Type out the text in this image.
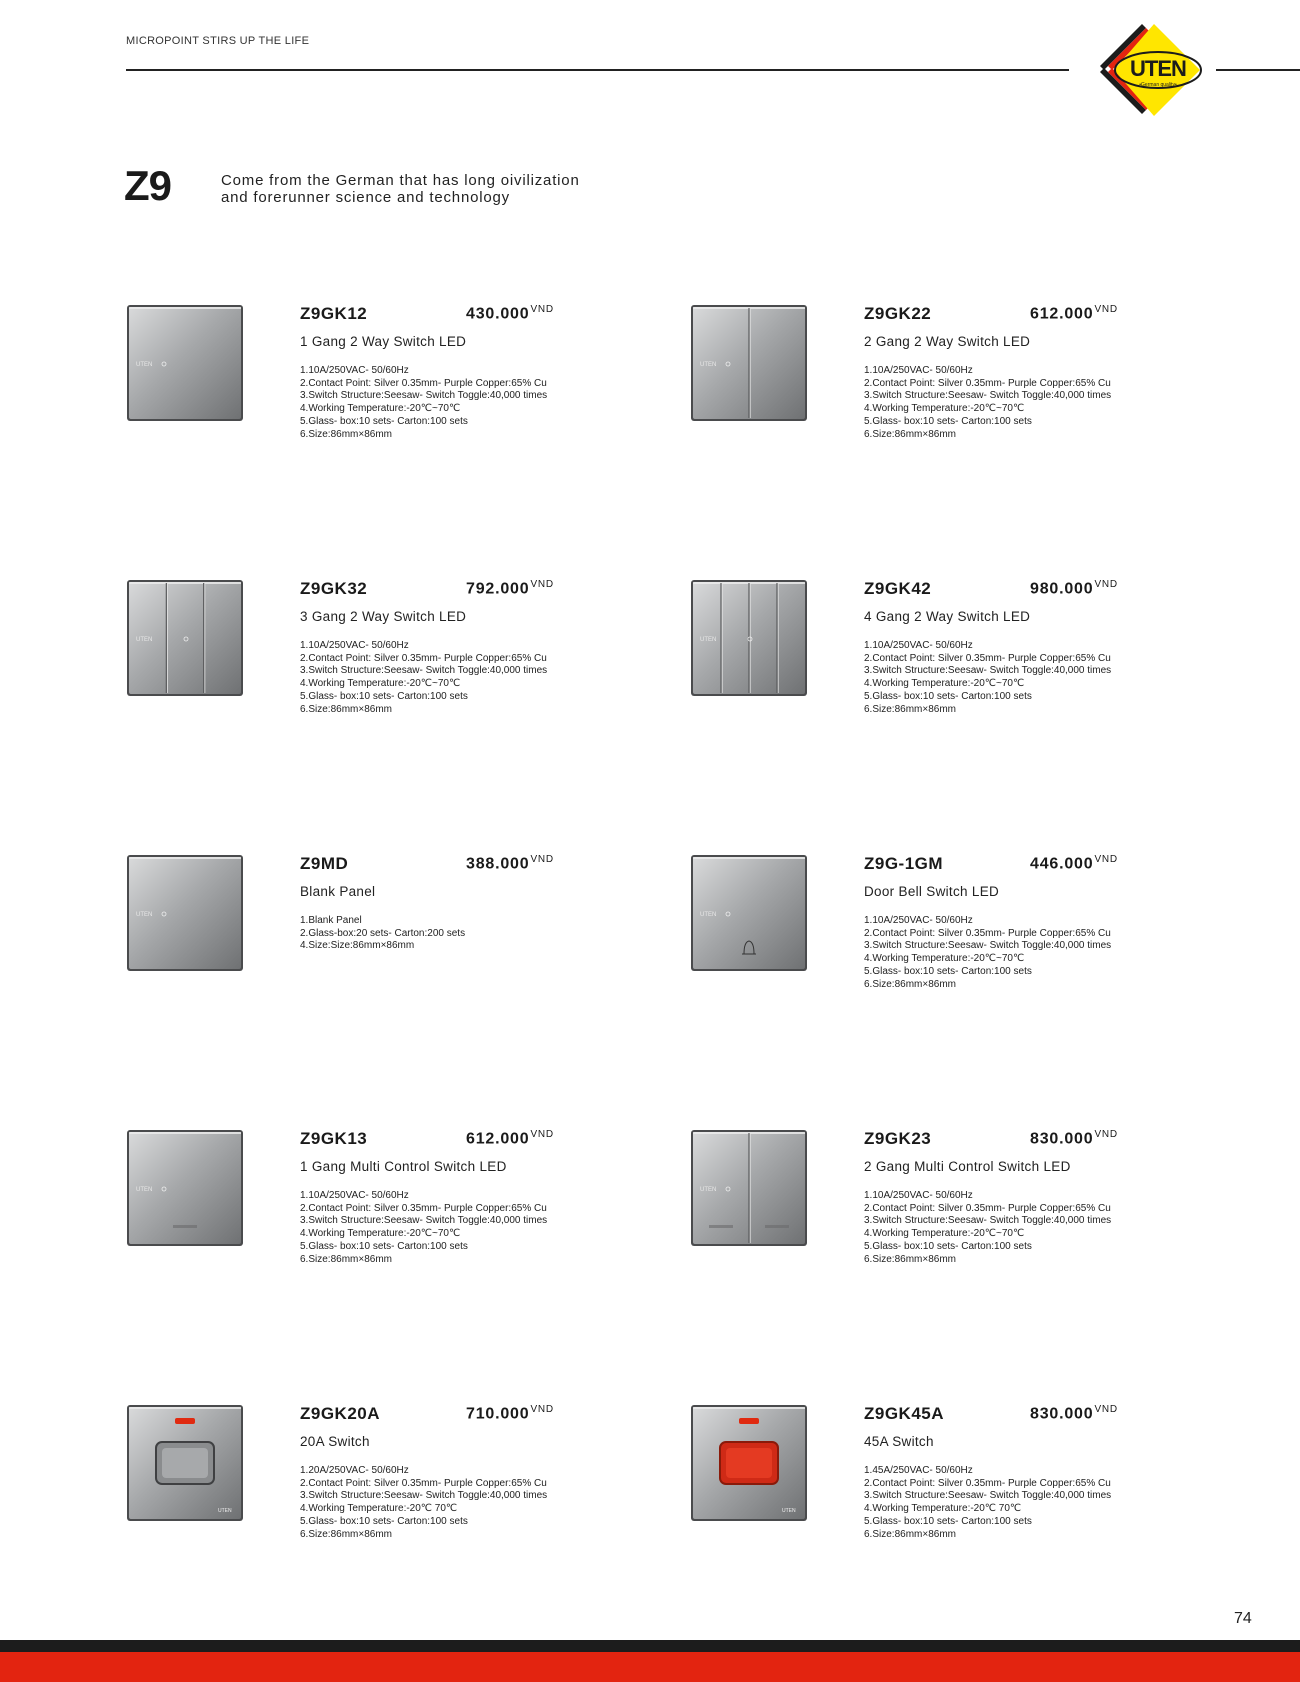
MICROPOINT STIRS UP THE LIFE
UTEN
•German quality•
Z9	Come from the German that has long oivilization and forerunner science and technology
UTEN
Z9GK12	$430.000^{VND}$
1 Gang 2 Way Switch LED
1.10A/250VAC- 50/60Hz
2.Contact Point: Silver 0.35mm- Purple Copper:65% Cu
3.Switch Structure:Seesaw- Switch Toggle:40,000 times
4.Working Temperature:-20℃~70℃
5.Glass- box:10 sets- Carton:100 sets
6.Size:86mm×86mm
UTEN
Z9GK22	$612.000^{VND}$
2 Gang 2 Way Switch LED
1.10A/250VAC- 50/60Hz
2.Contact Point: Silver 0.35mm- Purple Copper:65% Cu
3.Switch Structure:Seesaw- Switch Toggle:40,000 times
4.Working Temperature:-20℃~70℃
5.Glass- box:10 sets- Carton:100 sets
6.Size:86mm×86mm
UTEN
Z9GK32	$792.000^{VND}$
3 Gang 2 Way Switch LED
1.10A/250VAC- 50/60Hz
2.Contact Point: Silver 0.35mm- Purple Copper:65% Cu
3.Switch Structure:Seesaw- Switch Toggle:40,000 times
4.Working Temperature:-20℃~70℃
5.Glass- box:10 sets- Carton:100 sets
6.Size:86mm×86mm
UTEN
Z9GK42	$980.000^{VND}$
4 Gang 2 Way Switch LED
1.10A/250VAC- 50/60Hz
2.Contact Point: Silver 0.35mm- Purple Copper:65% Cu
3.Switch Structure:Seesaw- Switch Toggle:40,000 times
4.Working Temperature:-20℃~70℃
5.Glass- box:10 sets- Carton:100 sets
6.Size:86mm×86mm
UTEN
Z9MD	$388.000^{VND}$
Blank Panel
1.Blank Panel
2.Glass-box:20 sets- Carton:200 sets
4.Size:Size:86mm×86mm
UTEN
Z9G-1GM	$446.000^{VND}$
Door Bell Switch LED
1.10A/250VAC- 50/60Hz
2.Contact Point: Silver 0.35mm- Purple Copper:65% Cu
3.Switch Structure:Seesaw- Switch Toggle:40,000 times
4.Working Temperature:-20℃~70℃
5.Glass- box:10 sets- Carton:100 sets
6.Size:86mm×86mm
UTEN
Z9GK13	$612.000^{VND}$
1 Gang Multi Control Switch LED
1.10A/250VAC- 50/60Hz
2.Contact Point: Silver 0.35mm- Purple Copper:65% Cu
3.Switch Structure:Seesaw- Switch Toggle:40,000 times
4.Working Temperature:-20℃~70℃
5.Glass- box:10 sets- Carton:100 sets
6.Size:86mm×86mm
UTEN
Z9GK23	$830.000^{VND}$
2 Gang Multi Control Switch LED
1.10A/250VAC- 50/60Hz
2.Contact Point: Silver 0.35mm- Purple Copper:65% Cu
3.Switch Structure:Seesaw- Switch Toggle:40,000 times
4.Working Temperature:-20℃~70℃
5.Glass- box:10 sets- Carton:100 sets
6.Size:86mm×86mm
UTEN
Z9GK20A	$710.000^{VND}$
20A Switch
1.20A/250VAC- 50/60Hz
2.Contact Point: Silver 0.35mm- Purple Copper:65% Cu
3.Switch Structure:Seesaw- Switch Toggle:40,000 times
4.Working Temperature:-20℃ 70℃
5.Glass- box:10 sets- Carton:100 sets
6.Size:86mm×86mm
UTEN
Z9GK45A	$830.000^{VND}$
45A Switch
1.45A/250VAC- 50/60Hz
2.Contact Point: Silver 0.35mm- Purple Copper:65% Cu
3.Switch Structure:Seesaw- Switch Toggle:40,000 times
4.Working Temperature:-20℃ 70℃
5.Glass- box:10 sets- Carton:100 sets
6.Size:86mm×86mm
74
